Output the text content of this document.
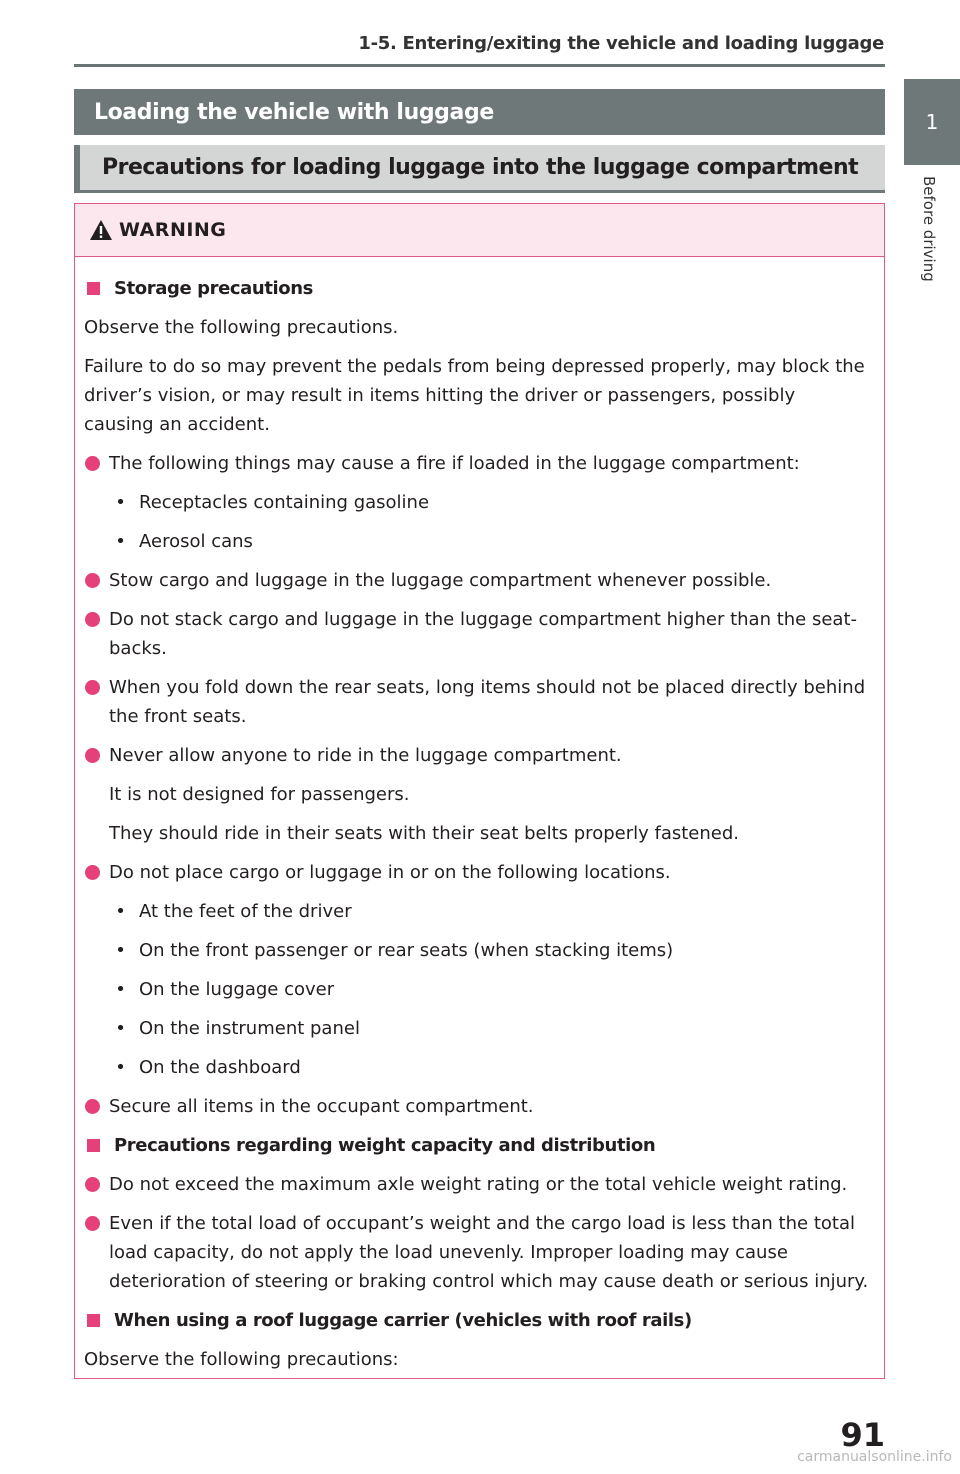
1-5. Entering/exiting the vehicle and loading luggage
1
Before driving
Loading the vehicle with luggage
Precautions for loading luggage into the luggage compartment
WARNING
Storage precautions
Observe the following precautions.
Failure to do so may prevent the pedals from being depressed properly, may block the driver’s vision, or may result in items hitting the driver or passengers, possibly causing an accident.
The following things may cause a fire if loaded in the luggage compartment:
• Receptacles containing gasoline
• Aerosol cans
Stow cargo and luggage in the luggage compartment whenever possible.
Do not stack cargo and luggage in the luggage compartment higher than the seat-backs.
When you fold down the rear seats, long items should not be placed directly behind the front seats.
Never allow anyone to ride in the luggage compartment.
It is not designed for passengers.
They should ride in their seats with their seat belts properly fastened.
Do not place cargo or luggage in or on the following locations.
• At the feet of the driver
• On the front passenger or rear seats (when stacking items)
• On the luggage cover
• On the instrument panel
• On the dashboard
Secure all items in the occupant compartment.
Precautions regarding weight capacity and distribution
Do not exceed the maximum axle weight rating or the total vehicle weight rating.
Even if the total load of occupant’s weight and the cargo load is less than the total load capacity, do not apply the load unevenly. Improper loading may cause deterioration of steering or braking control which may cause death or serious injury.
When using a roof luggage carrier (vehicles with roof rails)
Observe the following precautions:
91
carmanualsonline.info
